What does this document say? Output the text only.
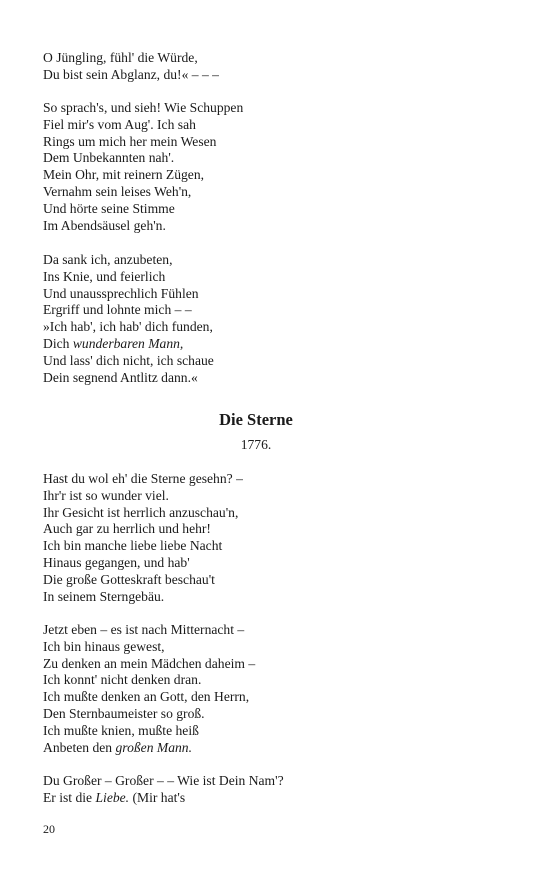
O Jüngling, fühl' die Würde,
Du bist sein Abglanz, du!« – – –
So sprach's, und sieh! Wie Schuppen
Fiel mir's vom Aug'. Ich sah
Rings um mich her mein Wesen
Dem Unbekannten nah'.
Mein Ohr, mit reinern Zügen,
Vernahm sein leises Weh'n,
Und hörte seine Stimme
Im Abendsäusel geh'n.
Da sank ich, anzubeten,
Ins Knie, und feierlich
Und unaussprechlich Fühlen
Ergriff und lohnte mich – –
»Ich hab', ich hab' dich funden,
Dich wunderbaren Mann,
Und lass' dich nicht, ich schaue
Dein segnend Antlitz dann.«
Die Sterne
1776.
Hast du wol eh' die Sterne gesehn? –
Ihr'r ist so wunder viel.
Ihr Gesicht ist herrlich anzuschau'n,
Auch gar zu herrlich und hehr!
Ich bin manche liebe liebe Nacht
Hinaus gegangen, und hab'
Die große Gotteskraft beschau't
In seinem Sterngebäu.
Jetzt eben – es ist nach Mitternacht –
Ich bin hinaus gewest,
Zu denken an mein Mädchen daheim –
Ich konnt' nicht denken dran.
Ich mußte denken an Gott, den Herrn,
Den Sternbaumeister so groß.
Ich mußte knien, mußte heiß
Anbeten den großen Mann.
Du Großer – Großer – – Wie ist Dein Nam'?
Er ist die Liebe. (Mir hat's
20
